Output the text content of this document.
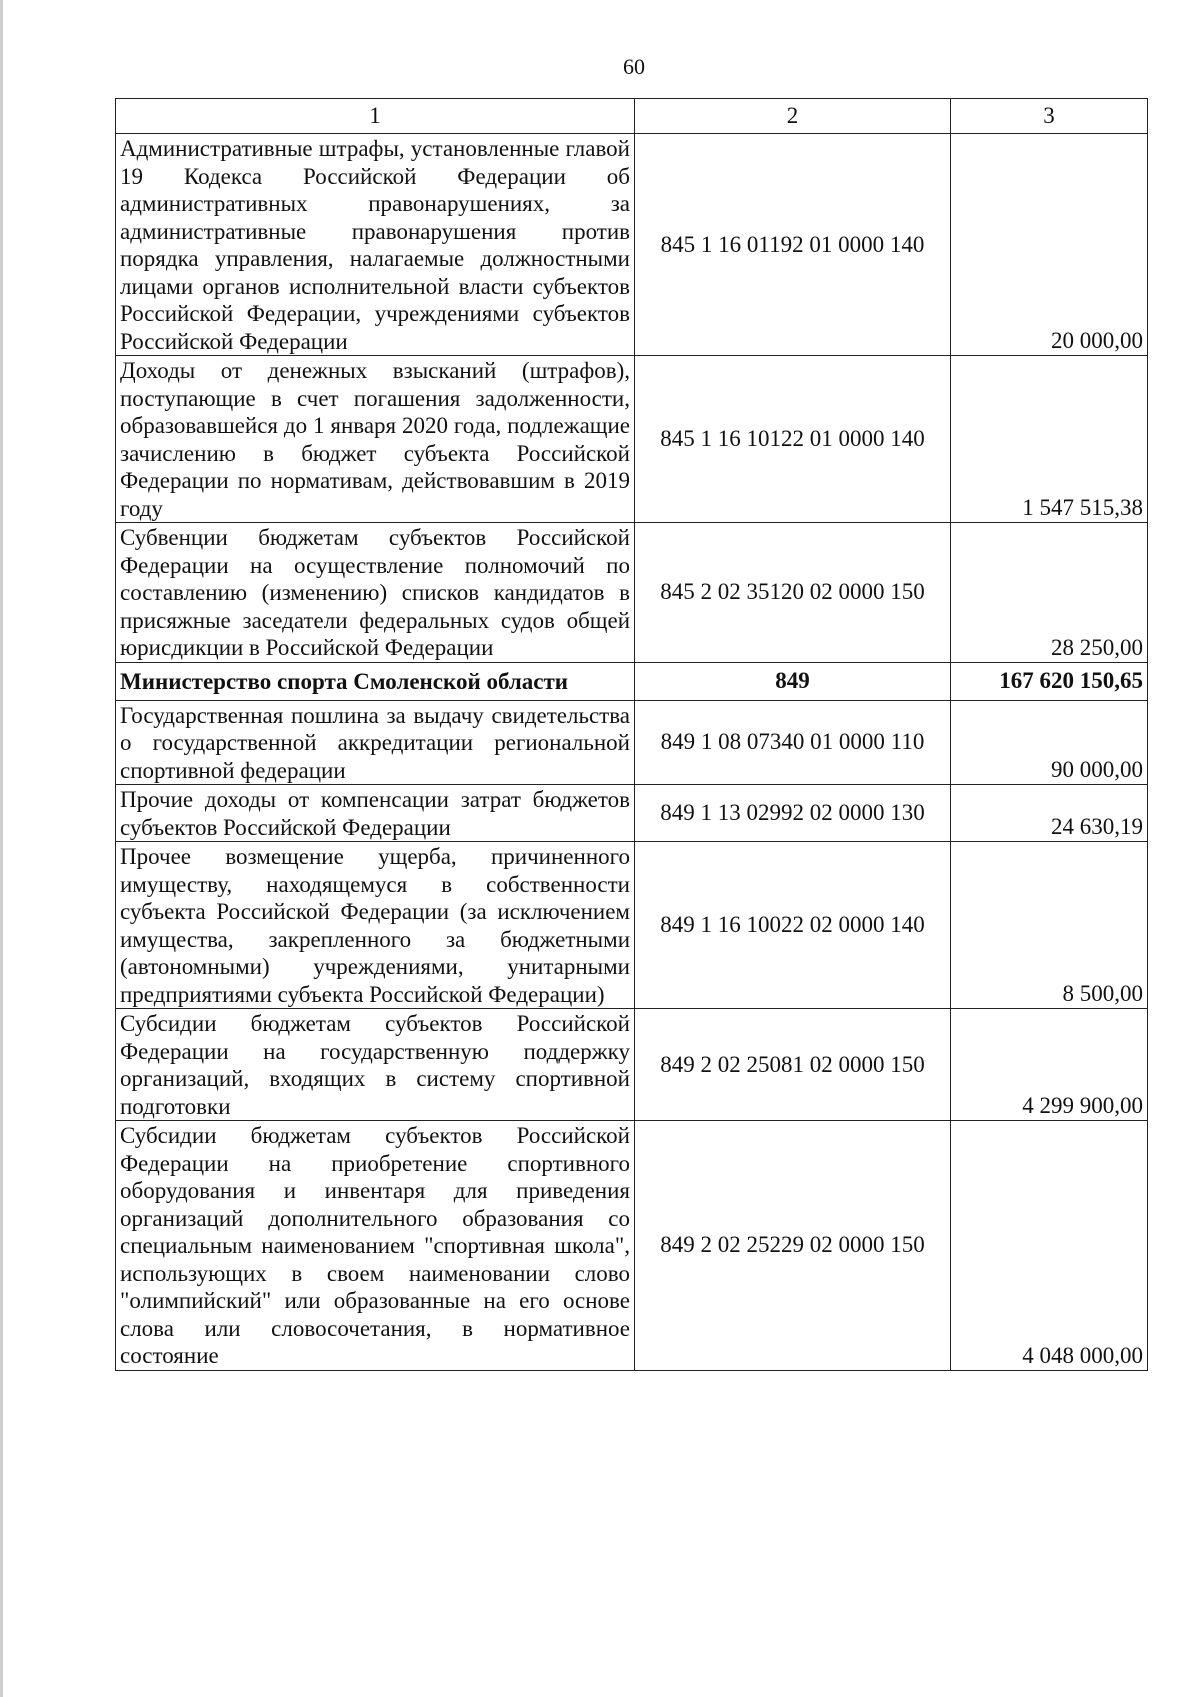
60
1	2	3
Административные штрафы, установленные главой 19 Кодекса Российской Федерации об административных правонарушениях, за административные правонарушения против порядка управления, налагаемые должностными лицами органов исполнительной власти субъектов Российской Федерации, учреждениями субъектов Российской Федерации	845 1 16 01192 01 0000 140	20 000,00
Доходы от денежных взысканий (штрафов), поступающие в счет погашения задолженности, образовавшейся до 1 января 2020 года, подлежащие зачислению в бюджет субъекта Российской Федерации по нормативам, действовавшим в 2019 году	845 1 16 10122 01 0000 140	1 547 515,38
Субвенции бюджетам субъектов Российской Федерации на осуществление полномочий по составлению (изменению) списков кандидатов в присяжные заседатели федеральных судов общей юрисдикции в Российской Федерации	845 2 02 35120 02 0000 150	28 250,00
Министерство спорта Смоленской области	849	167 620 150,65
Государственная пошлина за выдачу свидетельства о государственной аккредитации региональной спортивной федерации	849 1 08 07340 01 0000 110	90 000,00
Прочие доходы от компенсации затрат бюджетов субъектов Российской Федерации	849 1 13 02992 02 0000 130	24 630,19
Прочее возмещение ущерба, причиненного имуществу, находящемуся в собственности субъекта Российской Федерации (за исключением имущества, закрепленного за бюджетными (автономными) учреждениями, унитарными предприятиями субъекта Российской Федерации)	849 1 16 10022 02 0000 140	8 500,00
Субсидии бюджетам субъектов Российской Федерации на государственную поддержку организаций, входящих в систему спортивной подготовки	849 2 02 25081 02 0000 150	4 299 900,00
Субсидии бюджетам субъектов Российской Федерации на приобретение спортивного оборудования и инвентаря для приведения организаций дополнительного образования со специальным наименованием "спортивная школа", использующих в своем наименовании слово "олимпийский" или образованные на его основе слова или словосочетания, в нормативное состояние	849 2 02 25229 02 0000 150	4 048 000,00
